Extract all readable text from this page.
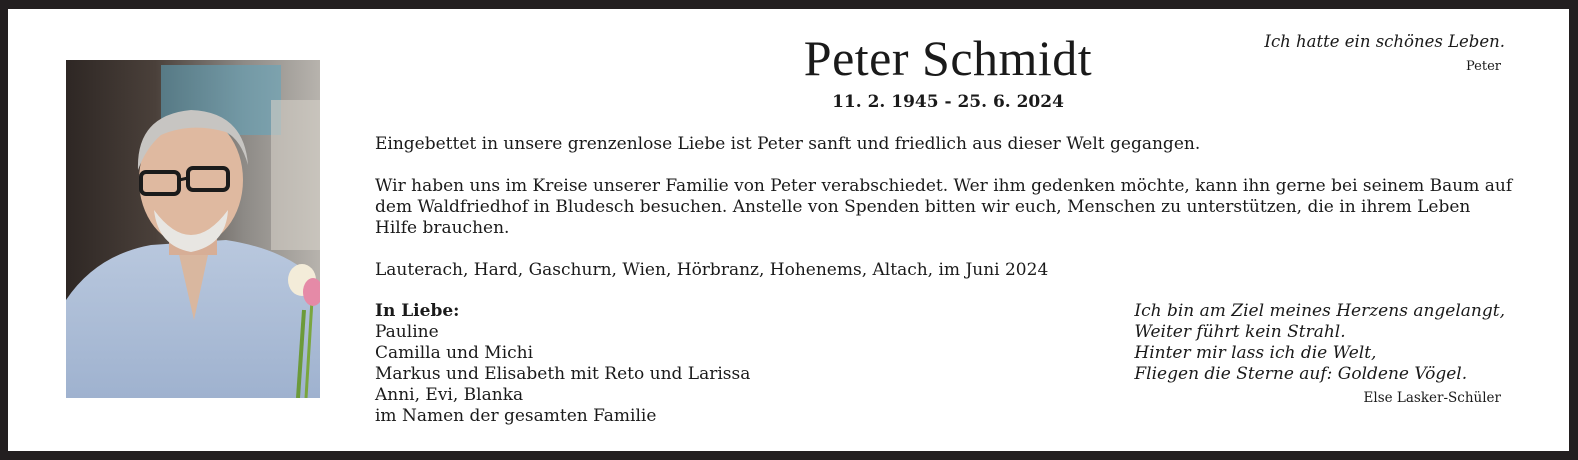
Peter Schmidt
11. 2. 1945 - 25. 6. 2024
Ich hatte ein schönes Leben.
Peter
Eingebettet in unsere grenzenlose Liebe ist Peter sanft und friedlich aus dieser Welt gegangen.
Wir haben uns im Kreise unserer Familie von Peter verabschiedet. Wer ihm gedenken möchte, kann ihn gerne bei seinem Baum auf dem Waldfriedhof in Bludesch besuchen. Anstelle von Spenden bitten wir euch, Menschen zu unterstützen, die in ihrem Leben Hilfe brauchen.
Lauterach, Hard, Gaschurn, Wien, Hörbranz, Hohenems, Altach, im Juni 2024
In Liebe:
Pauline
Camilla und Michi
Markus und Elisabeth mit Reto und Larissa
Anni, Evi, Blanka
im Namen der gesamten Familie
Ich bin am Ziel meines Herzens angelangt,
Weiter führt kein Strahl.
Hinter mir lass ich die Welt,
Fliegen die Sterne auf: Goldene Vögel.
Else Lasker-Schüler
